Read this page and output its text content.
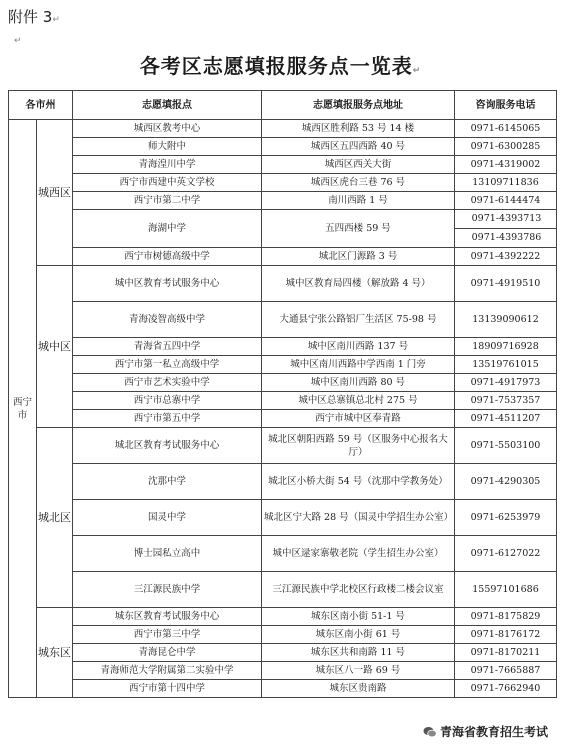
附件 3↵
↵
各考区志愿填报服务点一览表↵
各市州		志愿填报点	志愿填报服务点地址	咨询服务电话
西宁市	城西区	城西区教考中心	城西区胜利路 53 号 14 楼	0971-6145065
		师大附中	城西区五四西路 40 号	0971-6300285
		青海湟川中学	城西区西关大街	0971-4319002
		西宁市西建中英文学校	城西区虎台三巷 76 号	13109711836
		西宁市第二中学	南川西路 1 号	0971-6144474
		海湖中学	五四西楼 59 号	0971-4393713
0971-4393786

		西宁市树德高级中学	城北区门源路 3 号	0971-4392222
	城中区	城中区教育考试服务中心	城中区教育局四楼（解放路 4 号）	0971-4919510
		青海凌智高级中学	大通县宁张公路铝厂生活区 75-98 号	13139090612
		青海省五四中学	城中区南川西路 137 号	18909716928
		西宁市第一私立高级中学	城中区南川西路中学西南 1 门旁	13519761015
		西宁市艺术实验中学	城中区南川西路 80 号	0971-4917973
		西宁市总寨中学	城中区总寨镇总北村 275 号	0971-7537357
		西宁市第五中学	西宁市城中区奉青路	0971-4511207
	城北区	城北区教育考试服务中心	城北区朝阳西路 59 号（区服务中心报名大厅）	0971-5503100
		沈那中学	城北区小桥大街 54 号（沈那中学教务处）	0971-4290305
		国灵中学	城北区宁大路 28 号（国灵中学招生办公室）	0971-6253979
		博士园私立高中	城中区逯家寨敬老院（学生招生办公室）	0971-6127022
		三江源民族中学	三江源民族中学北校区行政楼二楼会议室	15597101686
	城东区	城东区教育考试服务中心	城东区南小街 51-1 号	0971-8175829
		西宁市第三中学	城东区南小街 61 号	0971-8176172
		青海昆仑中学	城东区共和南路 11 号	0971-8170211
		青海师范大学附属第二实验中学	城东区八一路 69 号	0971-7665887
		西宁市第十四中学	城东区贵南路	0971-7662940
青海省教育招生考试
